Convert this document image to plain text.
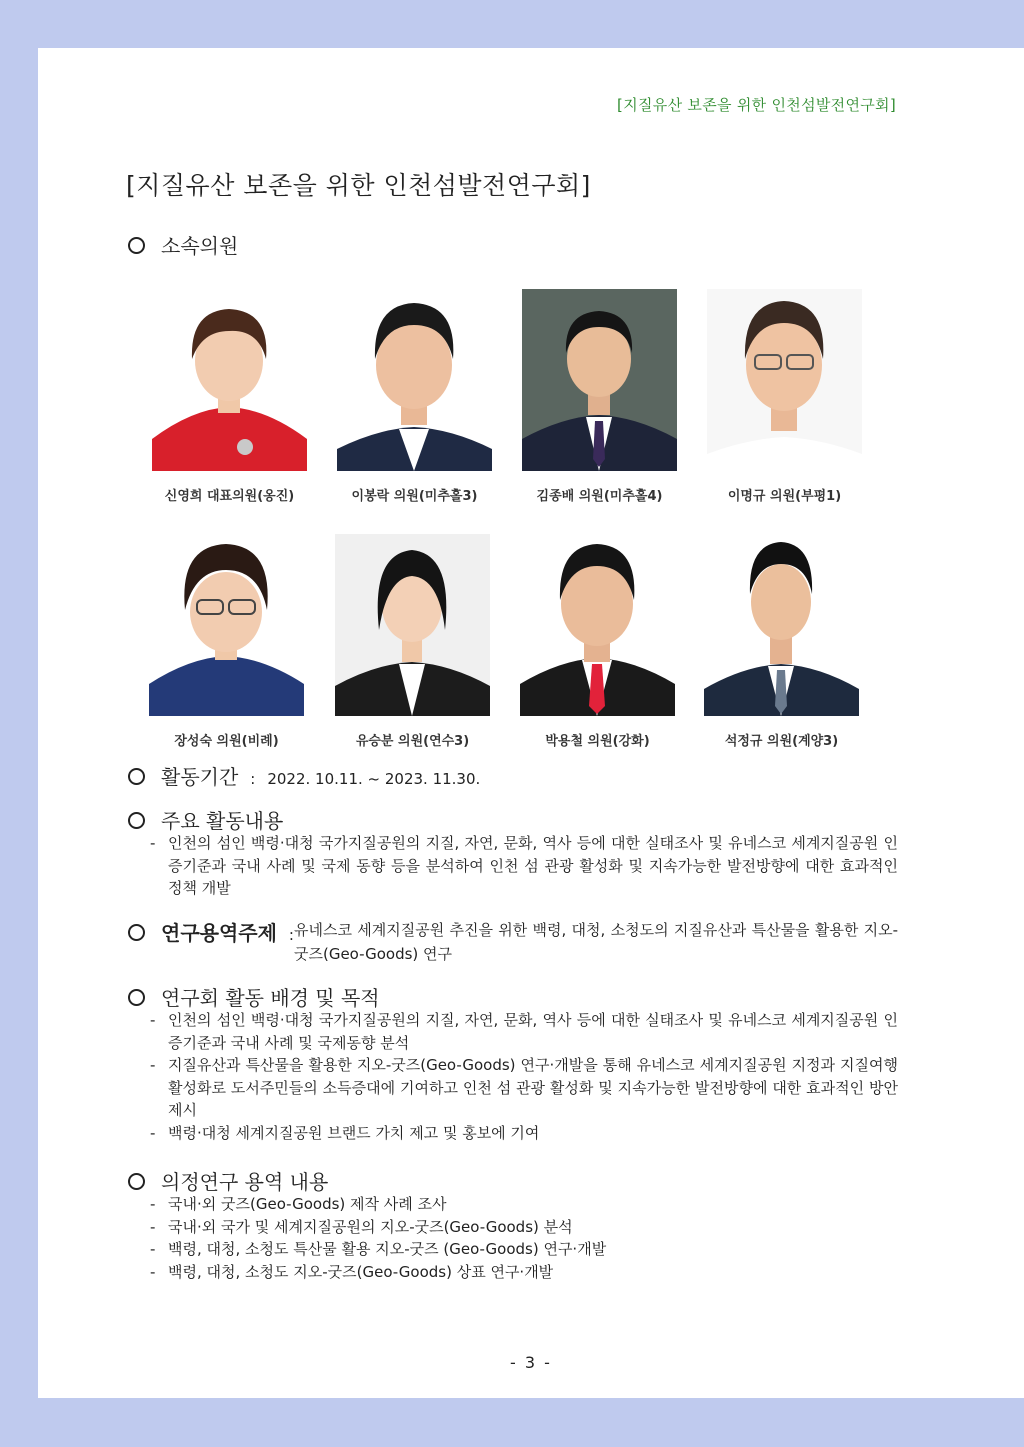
[지질유산 보존을 위한 인천섬발전연구회]
[지질유산 보존을 위한 인천섬발전연구회]
소속의원
신영희 대표의원(옹진)	이봉락 의원(미추홀3)	김종배 의원(미추홀4)	이명규 의원(부평1)
장성숙 의원(비례)	유승분 의원(연수3)	박용철 의원(강화)	석정규 의원(계양3)
활동기간 : 2022. 10.11. ~ 2023. 11.30.
주요 활동내용
- 인천의 섬인 백령·대청 국가지질공원의 지질, 자연, 문화, 역사 등에 대한 실태조사 및 유네스코 세계지질공원 인증기준과 국내 사례 및 국제 동향 등을 분석하여 인천 섬 관광 활성화 및 지속가능한 발전방향에 대한 효과적인 정책 개발
연구용역주제 : 유네스코 세계지질공원 추진을 위한 백령, 대청, 소청도의 지질유산과 특산물을 활용한 지오-굿즈(Geo-Goods) 연구
연구회 활동 배경 및 목적
- 인천의 섬인 백령·대청 국가지질공원의 지질, 자연, 문화, 역사 등에 대한 실태조사 및 유네스코 세계지질공원 인증기준과 국내 사례 및 국제동향 분석
- 지질유산과 특산물을 활용한 지오-굿즈(Geo-Goods) 연구·개발을 통해 유네스코 세계지질공원 지정과 지질여행 활성화로 도서주민들의 소득증대에 기여하고 인천 섬 관광 활성화 및 지속가능한 발전방향에 대한 효과적인 방안 제시
- 백령·대청 세계지질공원 브랜드 가치 제고 및 홍보에 기여
의정연구 용역 내용
- 국내·외 굿즈(Geo-Goods) 제작 사례 조사
- 국내·외 국가 및 세계지질공원의 지오-굿즈(Geo-Goods) 분석
- 백령, 대청, 소청도 특산물 활용 지오-굿즈 (Geo-Goods) 연구·개발
- 백령, 대청, 소청도 지오-굿즈(Geo-Goods) 상표 연구·개발
- 3 -
